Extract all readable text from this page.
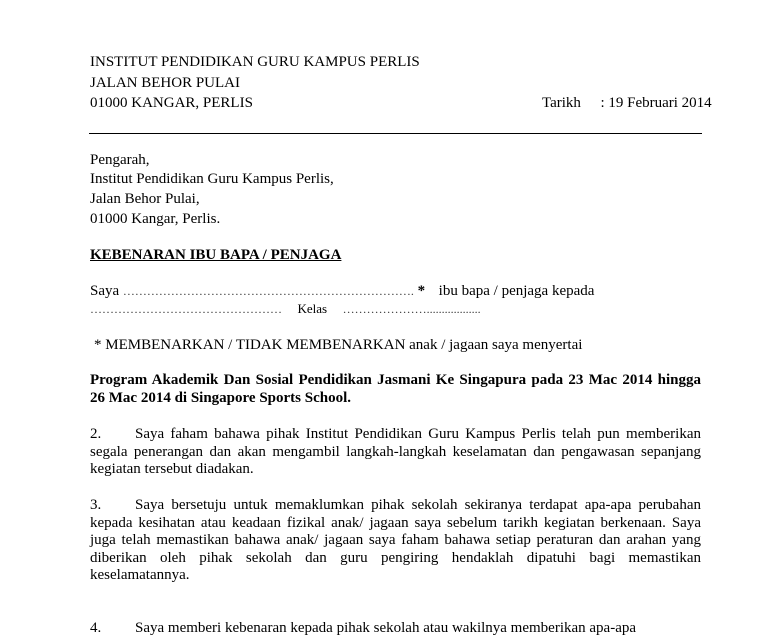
INSTITUT PENDIDIKAN GURU KAMPUS PERLIS
JALAN BEHOR PULAI
01000 KANGAR, PERLIS	Tarikh : 19 Februari 2014
Pengarah,
Institut Pendidikan Guru Kampus Perlis,
Jalan Behor Pulai,
01000 Kangar, Perlis.
KEBENARAN IBU BAPA / PENJAGA
Saya ………………………………………………………………. * ibu bapa / penjaga kepada
………………………………………… Kelas …………………..................
* MEMBENARKAN / TIDAK MEMBENARKAN anak / jagaan saya menyertai
Program Akademik Dan Sosial Pendidikan Jasmani Ke Singapura pada 23 Mac 2014 hingga 26 Mac 2014 di Singapore Sports School.
2. Saya faham bahawa pihak Institut Pendidikan Guru Kampus Perlis telah pun memberikan segala penerangan dan akan mengambil langkah-langkah keselamatan dan pengawasan sepanjang kegiatan tersebut diadakan.
3. Saya bersetuju untuk memaklumkan pihak sekolah sekiranya terdapat apa-apa perubahan kepada kesihatan atau keadaan fizikal anak/ jagaan saya sebelum tarikh kegiatan berkenaan. Saya juga telah memastikan bahawa anak/ jagaan saya faham bahawa setiap peraturan dan arahan yang diberikan oleh pihak sekolah dan guru pengiring hendaklah dipatuhi bagi memastikan keselamatannya.
4. Saya memberi kebenaran kepada pihak sekolah atau wakilnya memberikan apa-apa
